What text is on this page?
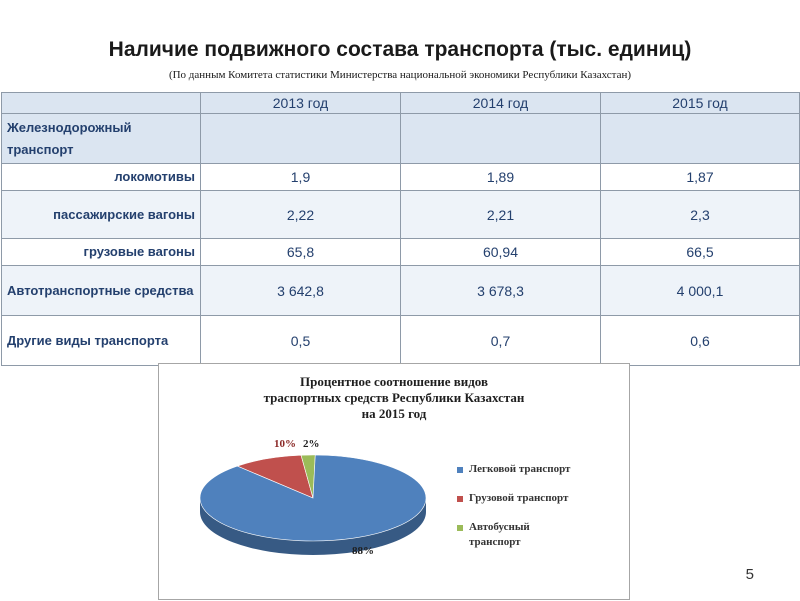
Наличие подвижного состава транспорта (тыс. единиц)
(По данным Комитета статистики Министерства национальной экономики Республики Казахстан)
	2013 год	2014 год	2015 год
Железнодорожный транспорт			
локомотивы	1,9	1,89	1,87
пассажирские вагоны	2,22	2,21	2,3
грузовые вагоны	65,8	60,94	66,5
Автотранспортные средства	3 642,8	3 678,3	4 000,1
Другие виды транспорта	0,5	0,7	0,6
Процентное соотношение видов
траспортных средств Республики Казахстан
на 2015 год
88%
10% 2%
Легковой транспорт
Грузовой транспорт
Автобусный транспорт
5
